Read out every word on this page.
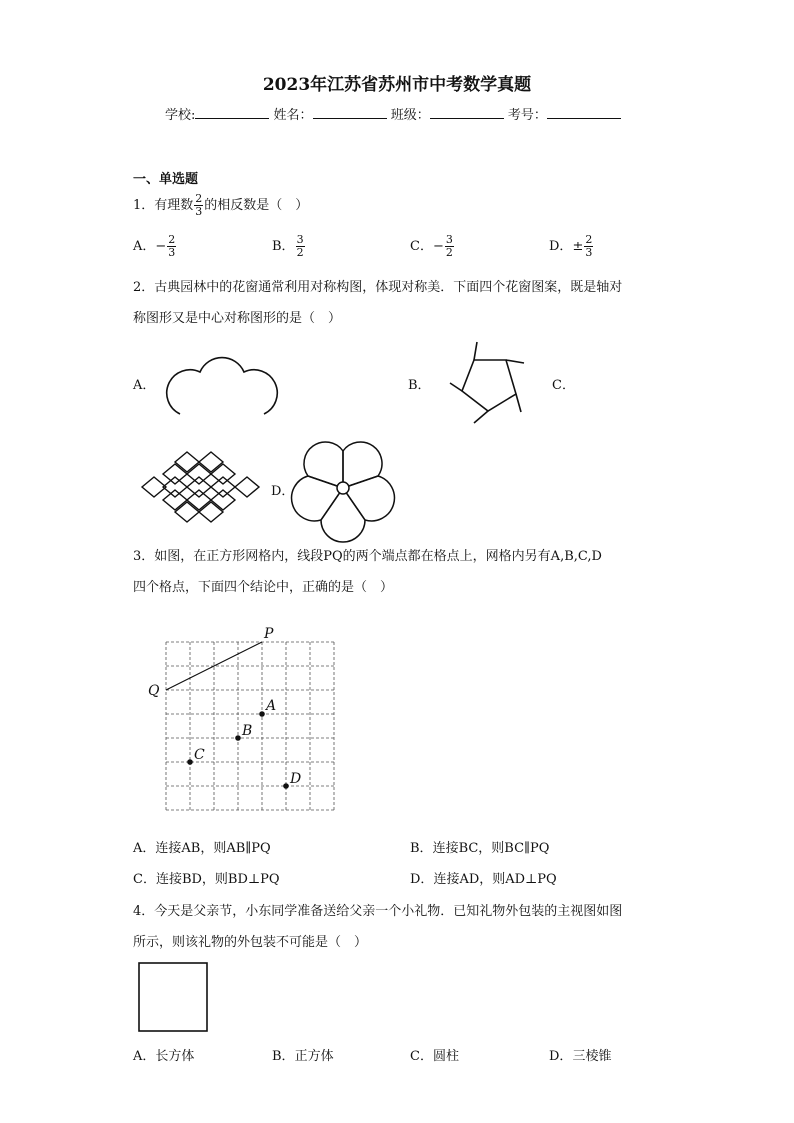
2023年江苏省苏州市中考数学真题
学校:	姓名：	班级：	考号：
一、单选题
1．有理数 $\frac{2}{3}$ 的相反数是（　）
A．− $\frac{2}{3}$	B． $\frac{3}{2}$	C．− $\frac{3}{2}$	D．± $\frac{2}{3}$
2．古典园林中的花窗通常利用对称构图，体现对称美．下面四个花窗图案，既是轴对
称图形又是中心对称图形的是（　）
A．	B．	C．
D．
3．如图，在正方形网格内，线段PQ的两个端点都在格点上，网格内另有A,B,C,D
四个格点，下面四个结论中，正确的是（　）
P
Q
A
B
C
D
A．连接AB，则AB∥PQ	B．连接BC，则BC∥PQ
C．连接BD，则BD⊥PQ	D．连接AD，则AD⊥PQ
4．今天是父亲节，小东同学准备送给父亲一个小礼物．已知礼物外包装的主视图如图
所示，则该礼物的外包装不可能是（　）
A．长方体	B．正方体	C．圆柱	D．三棱锥
